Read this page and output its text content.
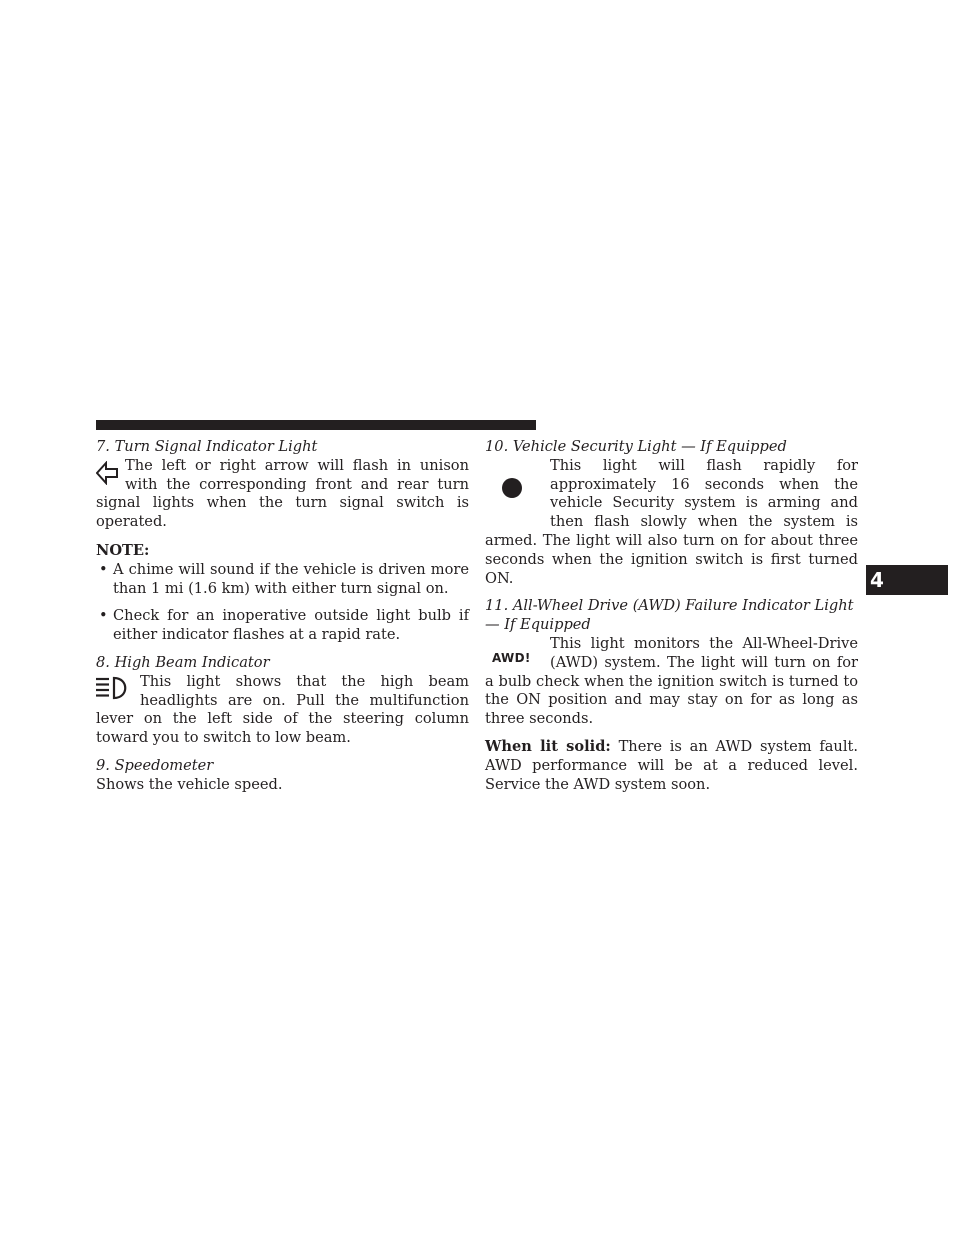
7. Turn Signal Indicator Light

The left or right arrow will flash in unison with the corresponding front and rear turn signal lights when the turn signal switch is operated.

NOTE:
• A chime will sound if the vehicle is driven more than 1 mi (1.6 km) with either turn signal on.
• Check for an inoperative outside light bulb if either indicator flashes at a rapid rate.
8. High Beam Indicator

This light shows that the high beam headlights are on. Pull the multifunction lever on the left side of the steering column toward you to switch to low beam.

9. Speedometer

Shows the vehicle speed.

10. Vehicle Security Light — If Equipped

This light will flash rapidly for approximately 16 seconds when the vehicle Security system is arming and then flash slowly when the system is armed. The light will also turn on for about three seconds when the ignition switch is first turned ON.

11. All-Wheel Drive (AWD) Failure Indicator Light — If Equipped

AWD!
This light monitors the All-Wheel-Drive (AWD) system. The light will turn on for a bulb check when the ignition switch is turned to the ON position and may stay on for as long as three seconds.

When lit solid: There is an AWD system fault. AWD performance will be at a reduced level. Service the AWD system soon.

4
